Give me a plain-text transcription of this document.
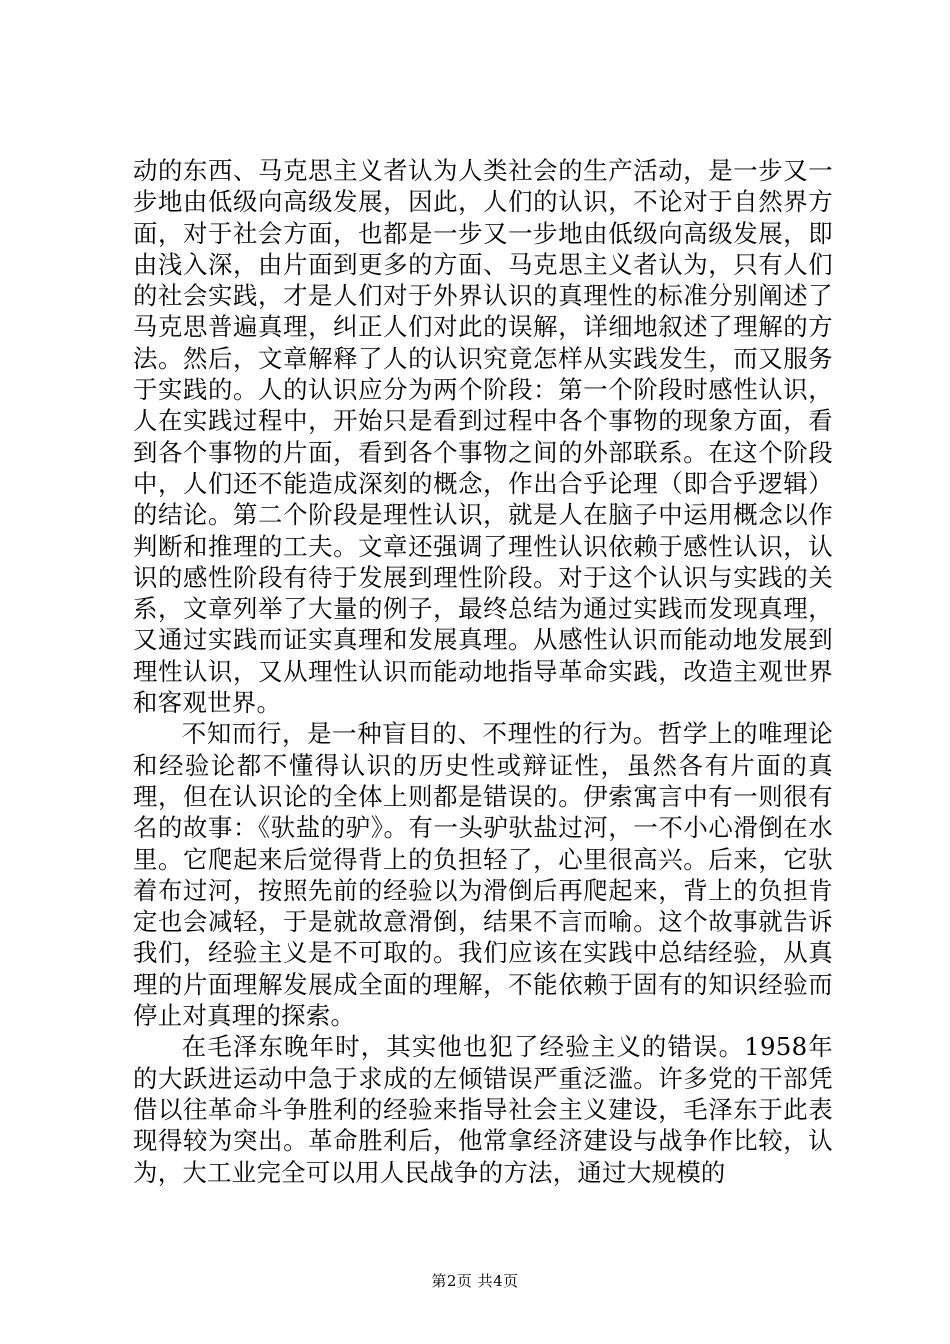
动的东西、马克思主义者认为人类社会的生产活动，是一步又一步地由低级向高级发展，因此，人们的认识，不论对于自然界方面，对于社会方面，也都是一步又一步地由低级向高级发展，即由浅入深，由片面到更多的方面、马克思主义者认为，只有人们的社会实践，才是人们对于外界认识的真理性的标准分别阐述了马克思普遍真理，纠正人们对此的误解，详细地叙述了理解的方法。然后，文章解释了人的认识究竟怎样从实践发生，而又服务于实践的。人的认识应分为两个阶段：第一个阶段时感性认识，人在实践过程中，开始只是看到过程中各个事物的现象方面，看到各个事物的片面，看到各个事物之间的外部联系。在这个阶段中，人们还不能造成深刻的概念，作出合乎论理（即合乎逻辑）的结论。第二个阶段是理性认识，就是人在脑子中运用概念以作判断和推理的工夫。文章还强调了理性认识依赖于感性认识，认识的感性阶段有待于发展到理性阶段。对于这个认识与实践的关系，文章列举了大量的例子，最终总结为通过实践而发现真理，又通过实践而证实真理和发展真理。从感性认识而能动地发展到理性认识，又从理性认识而能动地指导革命实践，改造主观世界和客观世界。

不知而行，是一种盲目的、不理性的行为。哲学上的唯理论和经验论都不懂得认识的历史性或辩证性，虽然各有片面的真理，但在认识论的全体上则都是错误的。伊索寓言中有一则很有名的故事：《驮盐的驴》。有一头驴驮盐过河，一不小心滑倒在水里。它爬起来后觉得背上的负担轻了，心里很高兴。后来，它驮着布过河，按照先前的经验以为滑倒后再爬起来，背上的负担肯定也会减轻，于是就故意滑倒，结果不言而喻。这个故事就告诉我们，经验主义是不可取的。我们应该在实践中总结经验，从真理的片面理解发展成全面的理解，不能依赖于固有的知识经验而停止对真理的探索。

在毛泽东晚年时，其实他也犯了经验主义的错误。1958年的大跃进运动中急于求成的左倾错误严重泛滥。许多党的干部凭借以往革命斗争胜利的经验来指导社会主义建设，毛泽东于此表现得较为突出。革命胜利后，他常拿经济建设与战争作比较，认为，大工业完全可以用人民战争的方法，通过大规模的

第2页 共4页
